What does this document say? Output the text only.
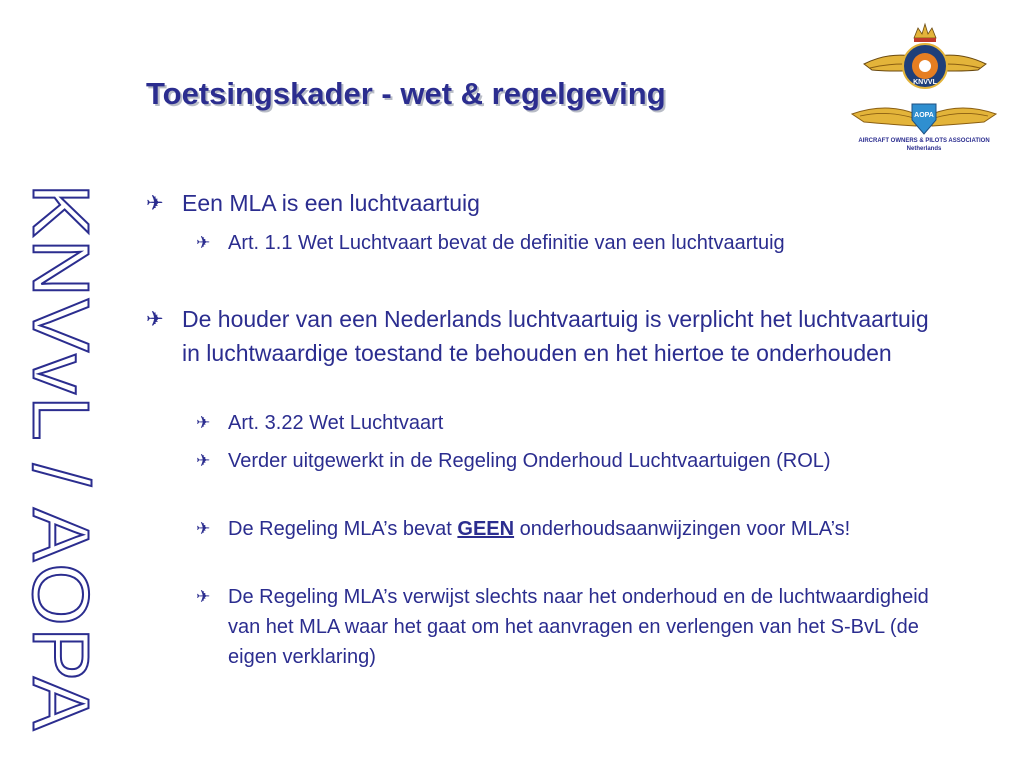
KNVvL / AOPA
Toetsingskader - wet & regelgeving	KNVVL
AOPA
AIRCRAFT OWNERS & PILOTS ASSOCIATION
Netherlands
✈ Een MLA is een luchtvaartuig
✈ Art. 1.1 Wet Luchtvaart bevat de definitie van een luchtvaartuig
✈ De houder van een Nederlands luchtvaartuig is verplicht het luchtvaartuig in luchtwaardige toestand te behouden en het hiertoe te onderhouden
✈ Art. 3.22 Wet Luchtvaart
✈ Verder uitgewerkt in de Regeling Onderhoud Luchtvaartuigen (ROL)
✈ De Regeling MLA’s bevat GEEN onderhoudsaanwijzingen voor MLA’s!
✈ De Regeling MLA’s verwijst slechts naar het onderhoud en de luchtwaardigheid van het MLA waar het gaat om het aanvragen en verlengen van het S-BvL (de eigen verklaring)
